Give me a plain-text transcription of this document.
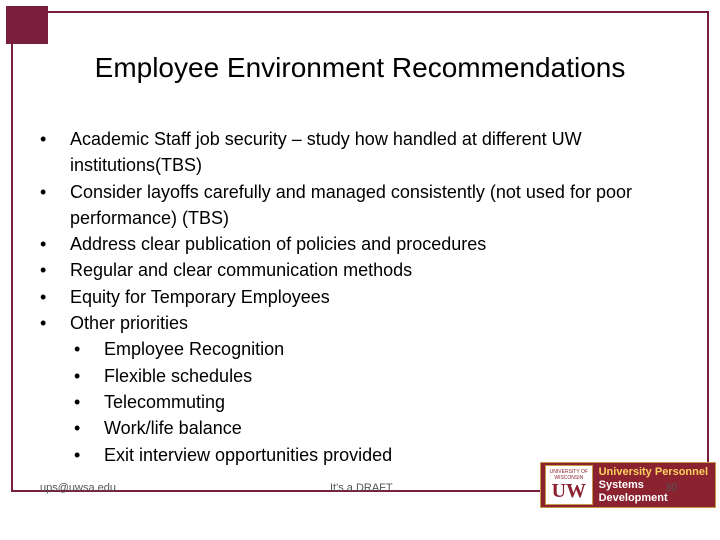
Employee Environment Recommendations
•	Academic Staff job security – study how handled at different UW institutions(TBS)
•	Consider layoffs carefully and managed consistently (not used for poor performance) (TBS)
•	Address clear publication of policies and procedures
•	Regular and clear communication methods
•	Equity for Temporary Employees
•	Other priorities
•	Employee Recognition
•	Flexible schedules
•	Telecommuting
•	Work/life balance
•	Exit interview opportunities provided
UNIVERSITY OF
WISCONSIN
UW
University Personnel
Systems Development
ups@uwsa.edu	It's a DRAFT.	30
